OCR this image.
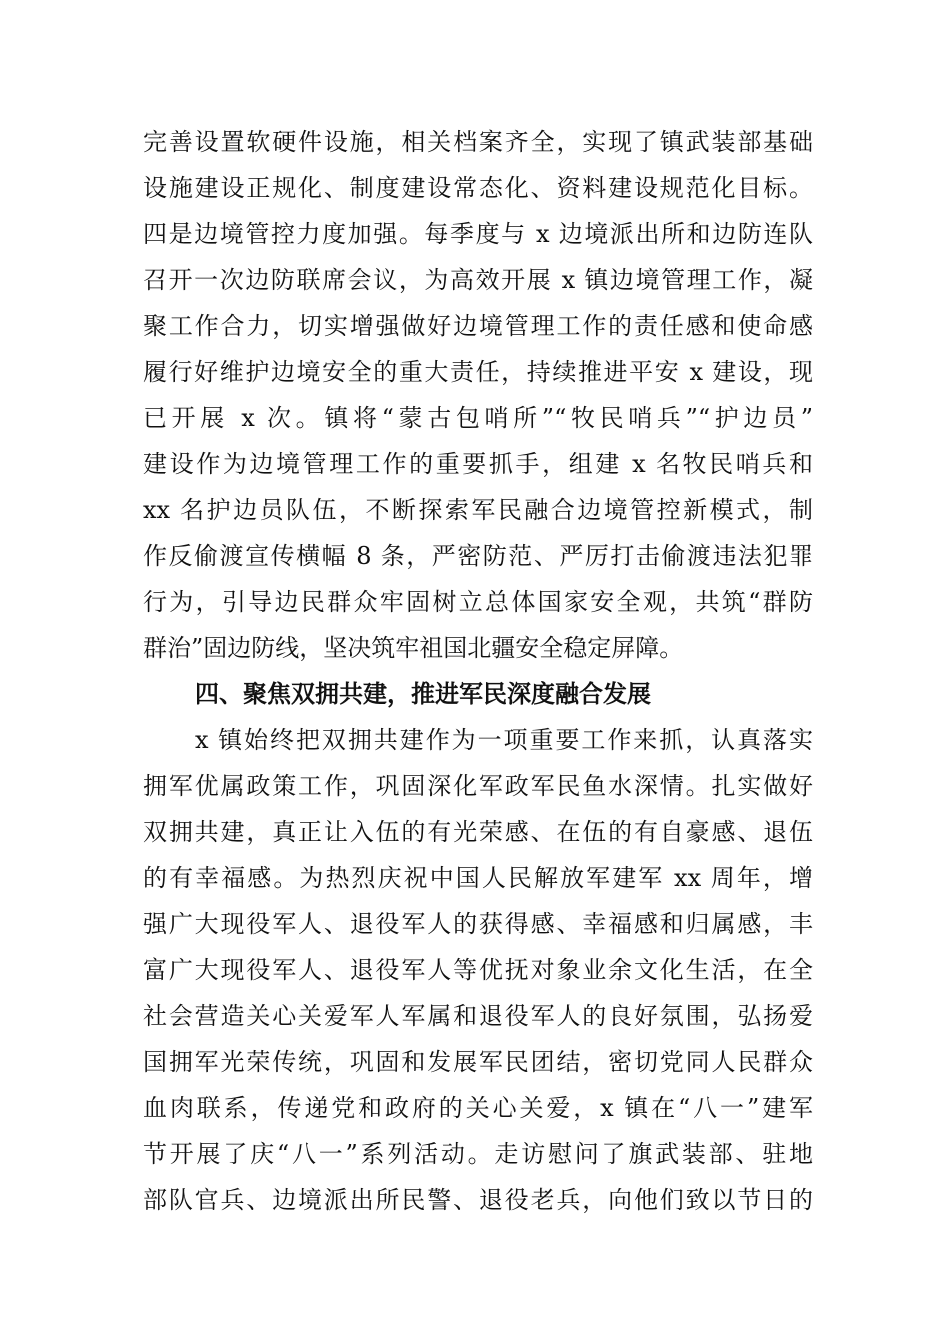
完善设置软硬件设施，相关档案齐全，实现了镇武装部基础
设施建设正规化、制度建设常态化、资料建设规范化目标。
四是边境管控力度加强。每季度与 x 边境派出所和边防连队
召开一次边防联席会议，为高效开展 x 镇边境管理工作，凝
聚工作合力，切实增强做好边境管理工作的责任感和使命感
履行好维护边境安全的重大责任，持续推进平安 x 建设，现
已开展 x 次。镇将“蒙古包哨所”“牧民哨兵”“护边员”
建设作为边境管理工作的重要抓手，组建 x 名牧民哨兵和
xx 名护边员队伍，不断探索军民融合边境管控新模式，制
作反偷渡宣传横幅 8 条，严密防范、严厉打击偷渡违法犯罪
行为，引导边民群众牢固树立总体国家安全观，共筑“群防
群治”固边防线，坚决筑牢祖国北疆安全稳定屏障。
四、聚焦双拥共建，推进军民深度融合发展
x 镇始终把双拥共建作为一项重要工作来抓，认真落实
拥军优属政策工作，巩固深化军政军民鱼水深情。扎实做好
双拥共建，真正让入伍的有光荣感、在伍的有自豪感、退伍
的有幸福感。为热烈庆祝中国人民解放军建军 xx 周年，增
强广大现役军人、退役军人的获得感、幸福感和归属感，丰
富广大现役军人、退役军人等优抚对象业余文化生活，在全
社会营造关心关爱军人军属和退役军人的良好氛围，弘扬爱
国拥军光荣传统，巩固和发展军民团结，密切党同人民群众
血肉联系，传递党和政府的关心关爱，x 镇在“八一”建军
节开展了庆“八一”系列活动。走访慰问了旗武装部、驻地
部队官兵、边境派出所民警、退役老兵，向他们致以节日的
